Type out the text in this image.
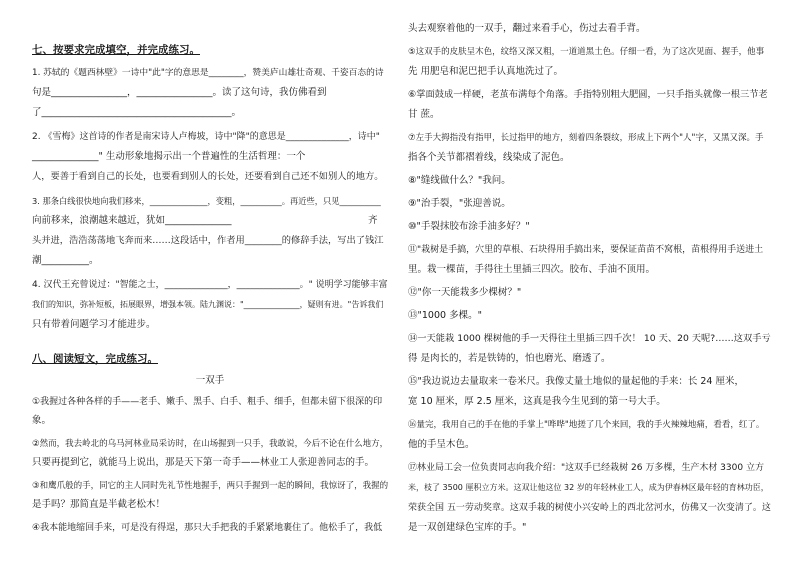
七、按要求完成填空，并完成练习。
1. 苏轼的《题西林壁》一诗中"此"字的意思是________，赞美庐山雄壮奇观、千姿百态的诗
句是________________，________________。读了这句诗，我仿佛看到
了________________________________________。
2. 《雪梅》这首诗的作者是南宋诗人卢梅坡，诗中"降"的意思是______________，诗中"
______________" 生动形象地揭示出一个普遍性的生活哲理：一个
人，要善于看到自己的长处，也要看到别人的长处，还要看到自己还不如别人的地方。
3. 那条白线很快地向我们移来，______________，变粗，__________。再近些，只见__________
向前移来，浪潮越来越近，犹如______________	齐
头并进，浩浩荡荡地飞奔而来……这段话中，作者用________的修辞手法，写出了钱江
潮__________。
4. 汉代王充曾说过："智能之士，______________，______________。" 说明学习能够丰富
我们的知识，弥补短板，拓展眼界，增强本领。陆九渊说："______________，疑则有进。"告诉我们
只有带着问题学习才能进步。
八、阅读短文，完成练习。
一双手
①我握过各种各样的手——老手、嫩手、黑手、白手、粗手、细手，但都未留下很深的印
象。
②然而，我去岭北的乌马河林业局采访时，在山场握到一只手，我敢说，今后不论在什么地方，
只要再提到它，就能马上说出，那是天下第一奇手——林业工人张迎善同志的手。
③和鹰爪般的手，同它的主人同时先礼节性地握手，两只手握到一起的瞬间，我惊讶了，我握的
是手吗？那简直是半截老松木！
④我本能地缩回手来，可是没有得逞，那只大手把我的手紧紧地裹住了。他松手了，我低
头去观察着他的一双手，翻过来看手心，伤过去看手背。
⑤这双手的皮肤呈木色，纹络又深又粗，一道道黑土色。仔细一看，为了这次见面、握手，他事
先 用肥皂和泥巴把手认真地洗过了。
⑥掌面鼓成一样硬，老茧布满每个角落。手指特别粗大肥圆，一只手指头就像一根三节老
甘 蔗。
⑦左手大拇指没有指甲，长过指甲的地方，刻着四条裂纹，形成上下两个"人"字，又黑又深。手
指各个关节都褶着线，线染成了泥色。
⑧"缝线做什么？"我问。
⑨"治手裂，"张迎善说。
⑩"手裂抹胶布涂手油多好？"
⑪"栽树是手搞，穴里的草根、石块得用手搞出来，要保证苗苗不窝根，苗根得用手送进土
里。栽一棵苗，手得往土里插三四次。胶布、手油不顶用。
⑫"你一天能栽多少棵树？"
⑬"1000 多棵。"
⑭一天能栽 1000 棵树他的手一天得往土里插三四千次！ 10 天、20 天呢?……这双手亏
得 是肉长的，若是铁铸的，怕也磨光、磨透了。
⑮"我边说边去量取来一卷米尺。我像丈量土地似的量起他的手来：长 24 厘米，
宽 10 厘米，厚 2.5 厘米，这真是我今生见到的第一号大手。
⑯量完，我用自己的手在他的手掌上"哗哗"地搓了几个来回，我的手火辣辣地痛，看看，红了。
他的手呈木色。
⑰林业局工会一位负责同志向我介绍："这双手已经栽树 26 万多棵，生产木材 3300 立方
米，枝了 3500 厘积立方米。这双让他这位 32 岁的年轻林业工人，成为伊春林区最年轻的育林功臣，
荣获全国 五一劳动奖章。这双手栽的树使小兴安岭上的西北岔河水，仿佛又一次变清了。这
是一双创建绿色宝库的手。"
